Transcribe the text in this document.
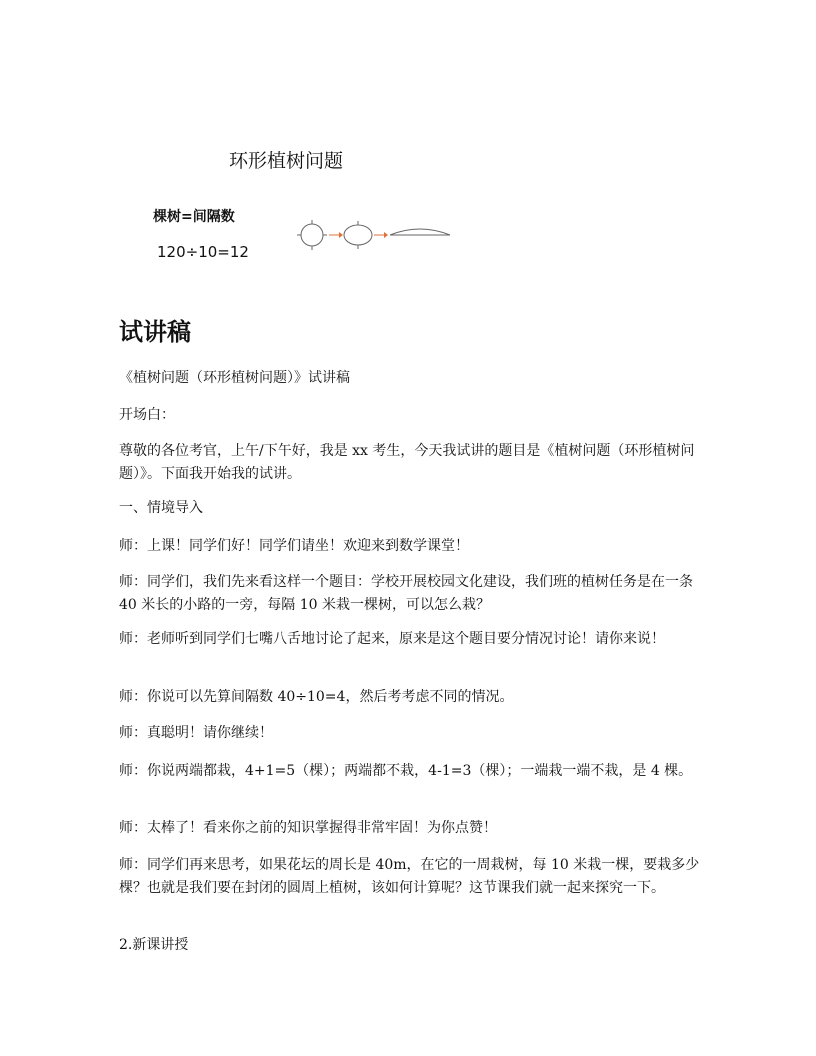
环形植树问题
棵树=间隔数
120÷10=12
试讲稿

《植树问题（环形植树问题）》试讲稿

开场白：

尊敬的各位考官，上午/下午好，我是 xx 考生，今天我试讲的题目是《植树问题（环形植树问题）》。下面我开始我的试讲。

一、情境导入

师：上课！同学们好！同学们请坐！欢迎来到数学课堂！

师：同学们，我们先来看这样一个题目：学校开展校园文化建设，我们班的植树任务是在一条 40 米长的小路的一旁，每隔 10 米栽一棵树，可以怎么栽？

师：老师听到同学们七嘴八舌地讨论了起来，原来是这个题目要分情况讨论！请你来说！

师：你说可以先算间隔数 40÷10=4，然后考考虑不同的情况。

师：真聪明！请你继续！

师：你说两端都栽，4+1=5（棵）；两端都不栽，4-1=3（棵）；一端栽一端不栽，是 4 棵。

师：太棒了！看来你之前的知识掌握得非常牢固！为你点赞！

师：同学们再来思考，如果花坛的周长是 40m，在它的一周栽树，每 10 米栽一棵，要栽多少棵？也就是我们要在封闭的圆周上植树，该如何计算呢？这节课我们就一起来探究一下。

2.新课讲授
